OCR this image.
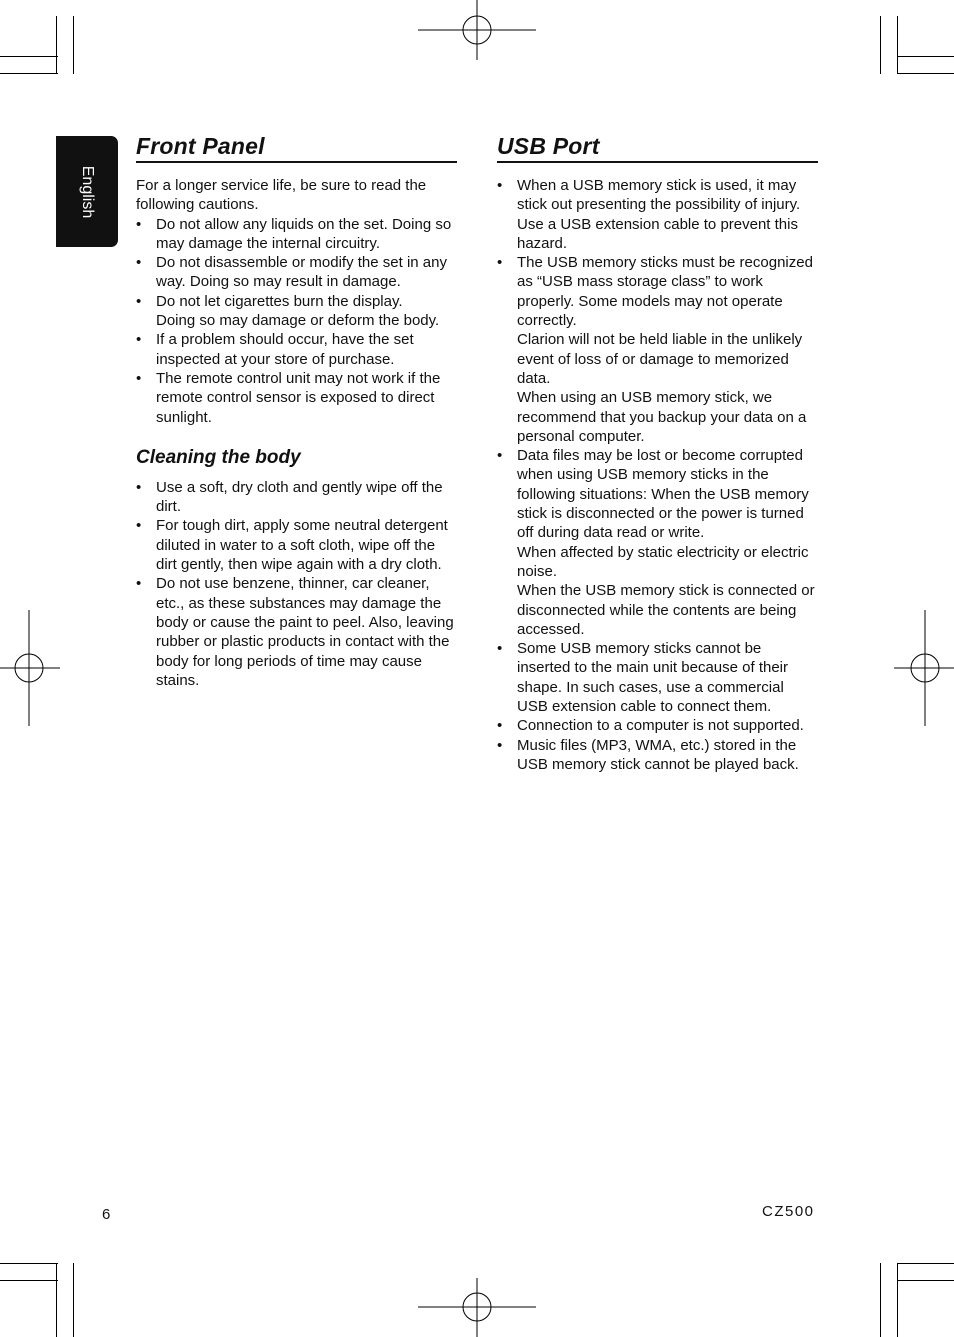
English
Front Panel

For a longer service life, be sure to read the following cautions.

• Do not allow any liquids on the set. Doing so may damage the internal circuitry.
• Do not disassemble or modify the set in any way. Doing so may result in damage.
• Do not let cigarettes burn the display.
Doing so may damage or deform the body.
• If a problem should occur, have the set inspected at your store of purchase.
• The remote control unit may not work if the remote control sensor is exposed to direct sunlight.
Cleaning the body
• Use a soft, dry cloth and gently wipe off the dirt.
• For tough dirt, apply some neutral detergent diluted in water to a soft cloth, wipe off the dirt gently, then wipe again with a dry cloth.
• Do not use benzene, thinner, car cleaner, etc., as these substances may damage the body or cause the paint to peel. Also, leaving rubber or plastic products in contact with the body for long periods of time may cause stains.
USB Port
• When a USB memory stick is used, it may stick out presenting the possibility of injury. Use a USB extension cable to prevent this hazard.
• The USB memory sticks must be recognized as “USB mass storage class” to work properly. Some models may not operate correctly.
Clarion will not be held liable in the unlikely event of loss of or damage to memorized data.
When using an USB memory stick, we recommend that you backup your data on a personal computer.
• Data files may be lost or become corrupted when using USB memory sticks in the following situations: When the USB memory stick is disconnected or the power is turned off during data read or write.
When affected by static electricity or electric noise.
When the USB memory stick is connected or disconnected while the contents are being accessed.
• Some USB memory sticks cannot be inserted to the main unit because of their shape. In such cases, use a commercial USB extension cable to connect them.
• Connection to a computer is not supported.
• Music files (MP3, WMA, etc.) stored in the USB memory stick cannot be played back.
6	CZ500
